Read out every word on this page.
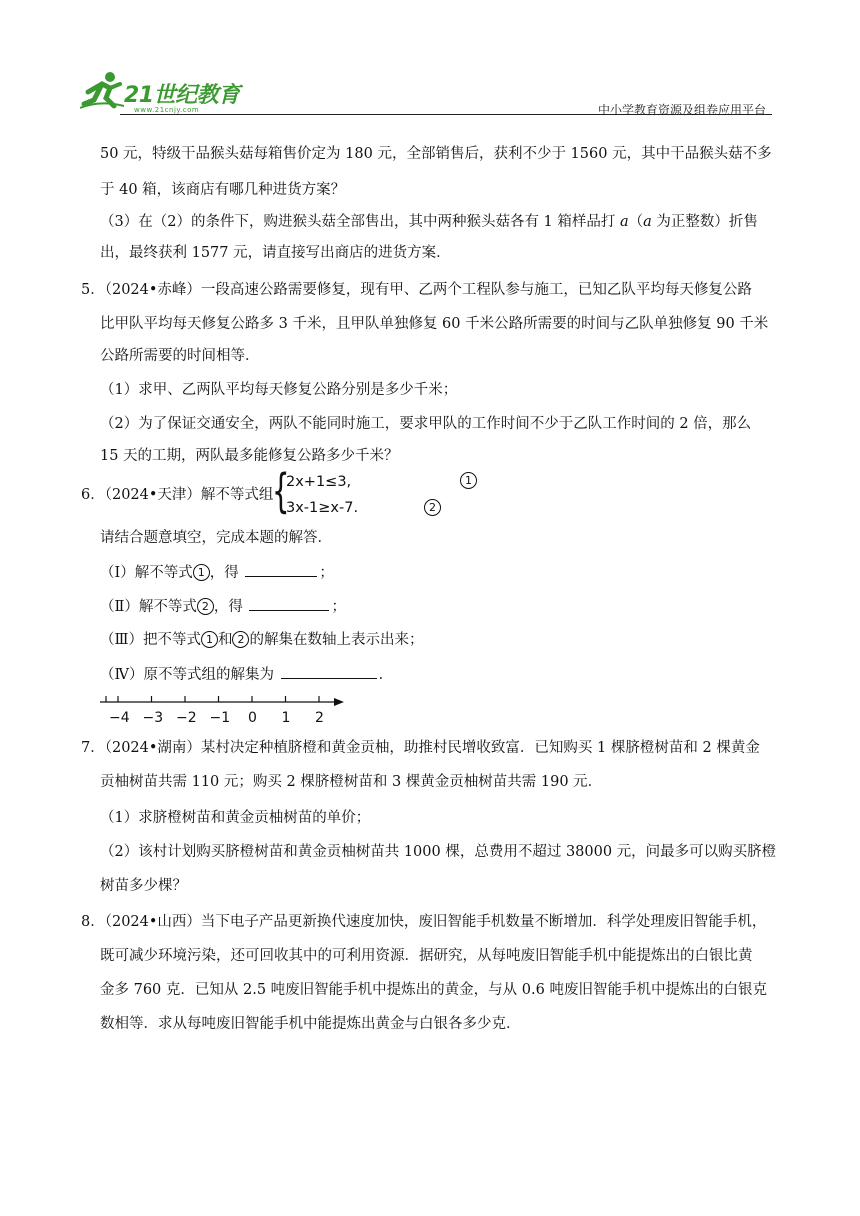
21世纪教育
www.21cnjy.com	中小学教育资源及组卷应用平台
50 元，特级干品猴头菇每箱售价定为 180 元，全部销售后，获利不少于 1560 元，其中干品猴头菇不多
于 40 箱，该商店有哪几种进货方案？
（3）在（2）的条件下，购进猴头菇全部售出，其中两种猴头菇各有 1 箱样品打 a（a 为正整数）折售
出，最终获利 1577 元，请直接写出商店的进货方案．
5．（2024•赤峰）一段高速公路需要修复，现有甲、乙两个工程队参与施工，已知乙队平均每天修复公路
比甲队平均每天修复公路多 3 千米，且甲队单独修复 60 千米公路所需要的时间与乙队单独修复 90 千米
公路所需要的时间相等．
（1）求甲、乙两队平均每天修复公路分别是多少千米；
（2）为了保证交通安全，两队不能同时施工，要求甲队的工作时间不少于乙队工作时间的 2 倍，那么
15 天的工期，两队最多能修复公路多少千米？
6．（2024•天津）解不等式组
{
2x+1≤3,
3x-1≥x-7.
1
2
请结合题意填空，完成本题的解答．
（Ⅰ）解不等式 1 ，得	；
（Ⅱ）解不等式 2 ，得	；
（Ⅲ）把不等式 1 和 2 的解集在数轴上表示出来；
（Ⅳ）原不等式组的解集为	．
−4 −3 −2 −1 0 1 2
7．（2024•湖南）某村决定种植脐橙和黄金贡柚，助推村民增收致富．已知购买 1 棵脐橙树苗和 2 棵黄金
贡柚树苗共需 110 元；购买 2 棵脐橙树苗和 3 棵黄金贡柚树苗共需 190 元．
（1）求脐橙树苗和黄金贡柚树苗的单价；
（2）该村计划购买脐橙树苗和黄金贡柚树苗共 1000 棵，总费用不超过 38000 元，问最多可以购买脐橙
树苗多少棵？
8．（2024•山西）当下电子产品更新换代速度加快，废旧智能手机数量不断增加．科学处理废旧智能手机，
既可减少环境污染，还可回收其中的可利用资源．据研究，从每吨废旧智能手机中能提炼出的白银比黄
金多 760 克．已知从 2.5 吨废旧智能手机中提炼出的黄金，与从 0.6 吨废旧智能手机中提炼出的白银克
数相等．求从每吨废旧智能手机中能提炼出黄金与白银各多少克．
